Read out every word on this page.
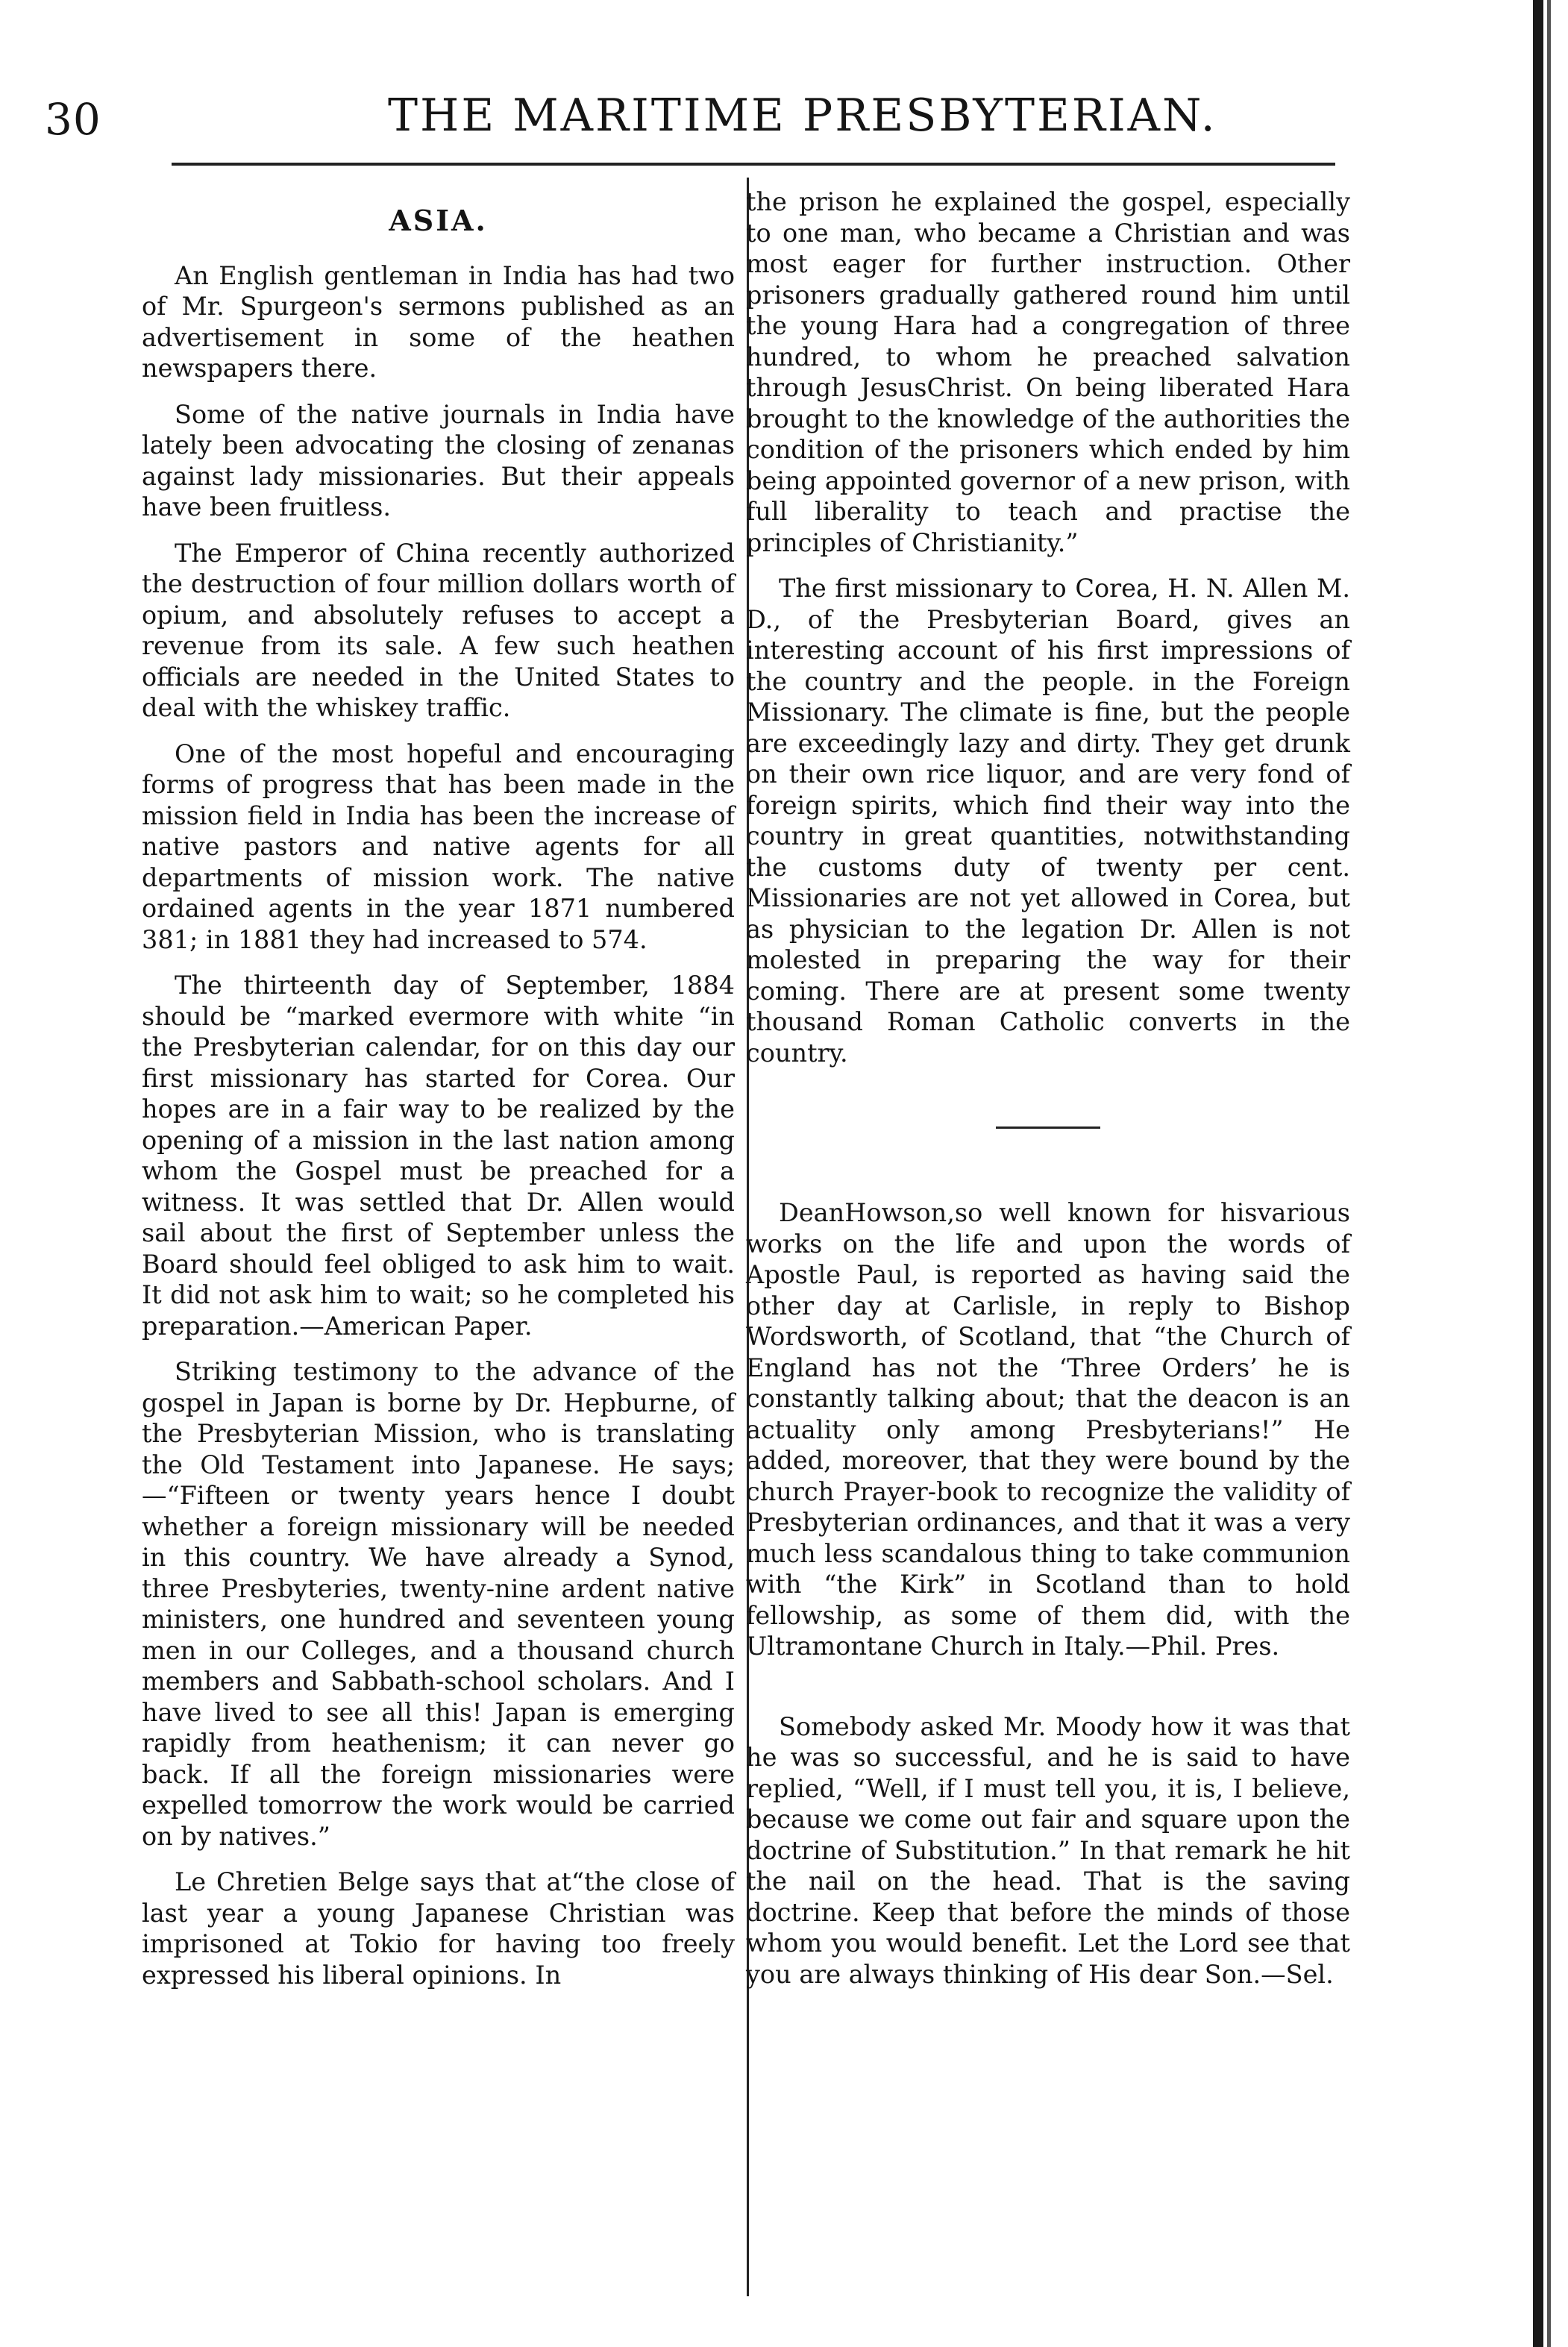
30	THE MARITIME PRESBYTERIAN.
ASIA.

An English gentleman in India has had two of Mr. Spurgeon's sermons published as an advertisement in some of the heathen newspapers there.

Some of the native journals in India have lately been advocating the closing of zenanas against lady missionaries. But their appeals have been fruitless.

The Emperor of China recently authorized the destruction of four million dollars worth of opium, and absolutely refuses to accept a revenue from its sale. A few such heathen officials are needed in the United States to deal with the whiskey traffic.

One of the most hopeful and encouraging forms of progress that has been made in the mission field in India has been the increase of native pastors and native agents for all departments of mission work. The native ordained agents in the year 1871 numbered 381; in 1881 they had increased to 574.

The thirteenth day of September, 1884 should be “marked evermore with white “in the Presbyterian calendar, for on this day our first missionary has started for Corea. Our hopes are in a fair way to be realized by the opening of a mission in the last nation among whom the Gospel must be preached for a witness. It was settled that Dr. Allen would sail about the first of September unless the Board should feel obliged to ask him to wait. It did not ask him to wait; so he completed his preparation.—American Paper.

Striking testimony to the advance of the gospel in Japan is borne by Dr. Hepburne, of the Presbyterian Mission, who is translating the Old Testament into Japanese. He says;—“Fifteen or twenty years hence I doubt whether a foreign missionary will be needed in this country. We have already a Synod, three Presbyteries, twenty-nine ardent native ministers, one hundred and seventeen young men in our Colleges, and a thousand church members and Sabbath-school scholars. And I have lived to see all this! Japan is emerging rapidly from heathenism; it can never go back. If all the foreign missionaries were expelled tomorrow the work would be carried on by natives.”

Le Chretien Belge says that at“the close of last year a young Japanese Christian was imprisoned at Tokio for having too freely expressed his liberal opinions. In

the prison he explained the gospel, especially to one man, who became a Christian and was most eager for further instruction. Other prisoners gradually gathered round him until the young Hara had a congregation of three hundred, to whom he preached salvation through JesusChrist. On being liberated Hara brought to the knowledge of the authorities the condition of the prisoners which ended by him being appointed governor of a new prison, with full liberality to teach and practise the principles of Christianity.”

The first missionary to Corea, H. N. Allen M. D., of the Presbyterian Board, gives an interesting account of his first impressions of the country and the people. in the Foreign Missionary. The climate is fine, but the people are exceedingly lazy and dirty. They get drunk on their own rice liquor, and are very fond of foreign spirits, which find their way into the country in great quantities, notwithstanding the customs duty of twenty per cent. Missionaries are not yet allowed in Corea, but as physician to the legation Dr. Allen is not molested in preparing the way for their coming. There are at present some twenty thousand Roman Catholic converts in the country.

DeanHowson,so well known for hisvarious works on the life and upon the words of Apostle Paul, is reported as having said the other day at Carlisle, in reply to Bishop Wordsworth, of Scotland, that “the Church of England has not the ‘Three Orders’ he is constantly talking about; that the deacon is an actuality only among Presbyterians!” He added, moreover, that they were bound by the church Prayer-book to recognize the validity of Presbyterian ordinances, and that it was a very much less scandalous thing to take communion with “the Kirk” in Scotland than to hold fellowship, as some of them did, with the Ultramontane Church in Italy.—Phil. Pres.

Somebody asked Mr. Moody how it was that he was so successful, and he is said to have replied, “Well, if I must tell you, it is, I believe, because we come out fair and square upon the doctrine of Substitution.” In that remark he hit the nail on the head. That is the saving doctrine. Keep that before the minds of those whom you would benefit. Let the Lord see that you are always thinking of His dear Son.—Sel.
